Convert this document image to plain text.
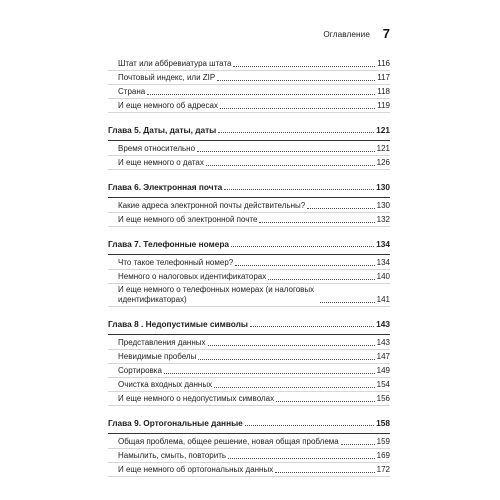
Оглавление 7
Штат или аббревиатура штата	116
Почтовый индекс, или ZIP	117
Страна	118
И еще немного об адресах	119
Глава 5. Даты, даты, даты	121
Время относительно	121
И еще немного о датах	126
Глава 6. Электронная почта	130
Какие адреса электронной почты действительны?	130
И еще немного об электронной почте	132
Глава 7. Телефонные номера	134
Что такое телефонный номер?	134
Немного о налоговых идентификаторах	140
И еще немного о телефонных номерах (и налоговых идентификаторах)	141
Глава 8 . Недопустимые символы	143
Представления данных	143
Невидимые пробелы	147
Сортировка	149
Очистка входных данных	154
И еще немного о недопустимых символах	156
Глава 9. Ортогональные данные	158
Общая проблема, общее решение, новая общая проблема	159
Намылить, смыть, повторить	169
И еще немного об ортогональных данных	172
